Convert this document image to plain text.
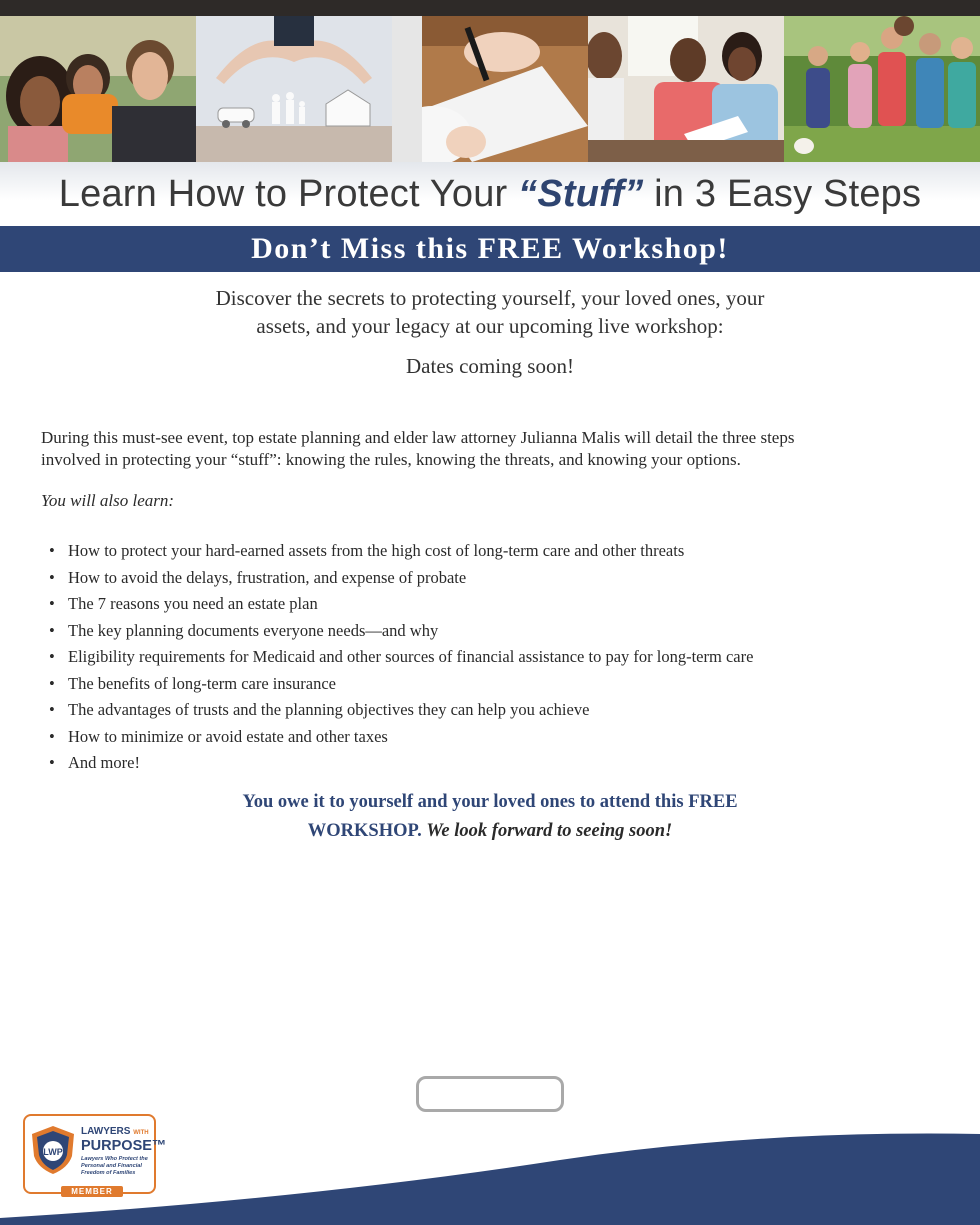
Learn How to Protect Your “Stuff” in 3 Easy Steps
Don’t Miss this FREE Workshop!
Discover the secrets to protecting yourself, your loved ones, your
assets, and your legacy at our upcoming live workshop:
Dates coming soon!
During this must-see event, top estate planning and elder law attorney Julianna Malis will detail the three steps
involved in protecting your “stuff”: knowing the rules, knowing the threats, and knowing your options.
You will also learn:
• How to protect your hard-earned assets from the high cost of long-term care and other threats
• How to avoid the delays, frustration, and expense of probate
• The 7 reasons you need an estate plan
• The key planning documents everyone needs—and why
• Eligibility requirements for Medicaid and other sources of financial assistance to pay for long-term care
• The benefits of long-term care insurance
• The advantages of trusts and the planning objectives they can help you achieve
• How to minimize or avoid estate and other taxes
• And more!
You owe it to yourself and your loved ones to attend this FREE
WORKSHOP. We look forward to seeing soon!
LWP
LAWYERS WITH
PURPOSE™
Lawyers Who Protect the Personal and Financial Freedom of Families
MEMBER
